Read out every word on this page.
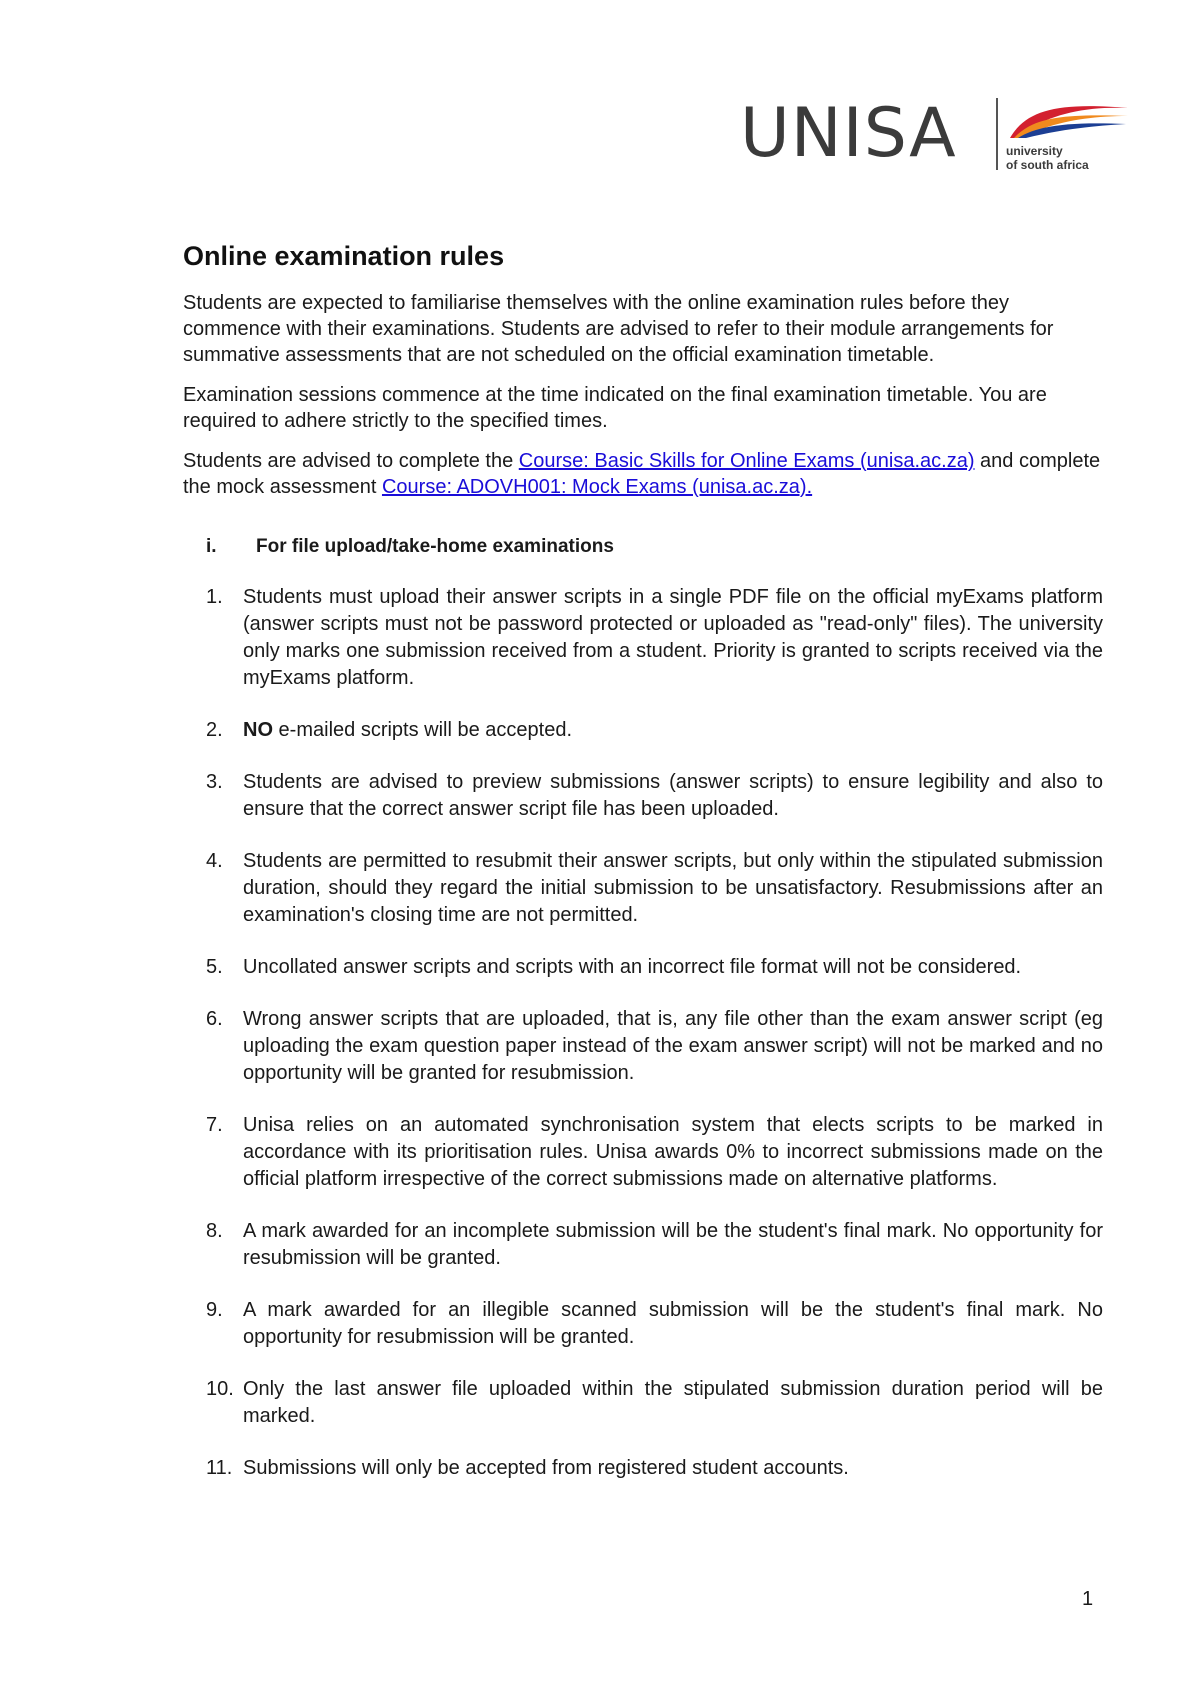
UNISA	university
of south africa
Online examination rules

Students are expected to familiarise themselves with the online examination rules before they commence with their examinations. Students are advised to refer to their module arrangements for summative assessments that are not scheduled on the official examination timetable.

Examination sessions commence at the time indicated on the final examination timetable. You are required to adhere strictly to the specified times.

Students are advised to complete the Course: Basic Skills for Online Exams (unisa.ac.za) and complete the mock assessment Course: ADOVH001: Mock Exams (unisa.ac.za).

i.	For file upload/take-home examinations
1. Students must upload their answer scripts in a single PDF file on the official myExams platform (answer scripts must not be password protected or uploaded as "read-only" files). The university only marks one submission received from a student. Priority is granted to scripts received via the myExams platform.
2. NO e-mailed scripts will be accepted.
3. Students are advised to preview submissions (answer scripts) to ensure legibility and also to ensure that the correct answer script file has been uploaded.
4. Students are permitted to resubmit their answer scripts, but only within the stipulated submission duration, should they regard the initial submission to be unsatisfactory. Resubmissions after an examination's closing time are not permitted.
5. Uncollated answer scripts and scripts with an incorrect file format will not be considered.
6. Wrong answer scripts that are uploaded, that is, any file other than the exam answer script (eg uploading the exam question paper instead of the exam answer script) will not be marked and no opportunity will be granted for resubmission.
7. Unisa relies on an automated synchronisation system that elects scripts to be marked in accordance with its prioritisation rules. Unisa awards 0% to incorrect submissions made on the official platform irrespective of the correct submissions made on alternative platforms.
8. A mark awarded for an incomplete submission will be the student's final mark. No opportunity for resubmission will be granted.
9. A mark awarded for an illegible scanned submission will be the student's final mark. No opportunity for resubmission will be granted.
10. Only the last answer file uploaded within the stipulated submission duration period will be marked.
11. Submissions will only be accepted from registered student accounts.
1
